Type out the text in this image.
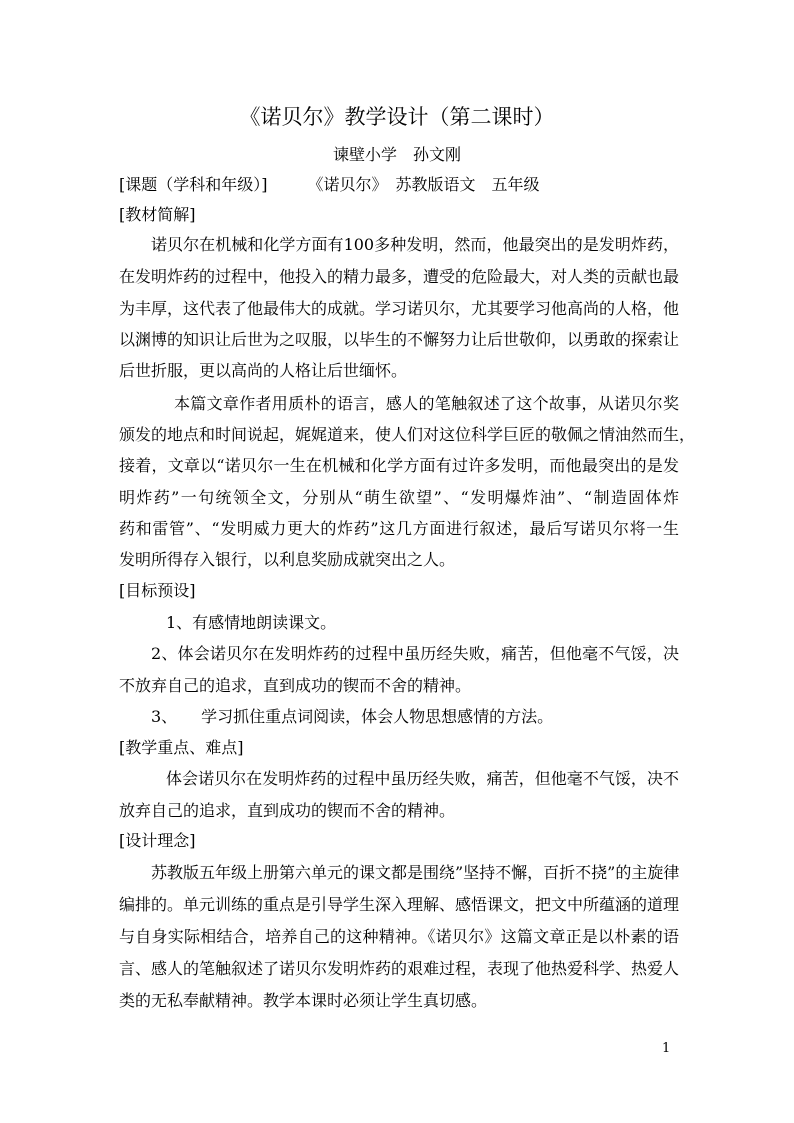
《诺贝尔》教学设计（第二课时）
谏壁小学　孙文刚
[课题（学科和年级）]　　　《诺贝尔》　苏教版语文　五年级
[教材简解]
诺贝尔在机械和化学方面有100多种发明，然而，他最突出的是发明炸药，
在发明炸药的过程中，他投入的精力最多，遭受的危险最大，对人类的贡献也最
为丰厚，这代表了他最伟大的成就。学习诺贝尔，尤其要学习他高尚的人格，他
以渊博的知识让后世为之叹服，以毕生的不懈努力让后世敬仰，以勇敢的探索让
后世折服，更以高尚的人格让后世缅怀。
本篇文章作者用质朴的语言，感人的笔触叙述了这个故事，从诺贝尔奖
颁发的地点和时间说起，娓娓道来，使人们对这位科学巨匠的敬佩之情油然而生，
接着，文章以“诺贝尔一生在机械和化学方面有过许多发明，而他最突出的是发
明炸药”一句统领全文，分别从“萌生欲望”、“发明爆炸油”、“制造固体炸
药和雷管”、“发明威力更大的炸药”这几方面进行叙述，最后写诺贝尔将一生
发明所得存入银行，以利息奖励成就突出之人。
[目标预设]
1、有感情地朗读课文。
2、体会诺贝尔在发明炸药的过程中虽历经失败，痛苦，但他毫不气馁，决
不放弃自己的追求，直到成功的锲而不舍的精神。
3、　　学习抓住重点词阅读，体会人物思想感情的方法。
[教学重点、难点]
体会诺贝尔在发明炸药的过程中虽历经失败，痛苦，但他毫不气馁，决不
放弃自己的追求，直到成功的锲而不舍的精神。
[设计理念]
苏教版五年级上册第六单元的课文都是围绕”坚持不懈，百折不挠”的主旋律
编排的。单元训练的重点是引导学生深入理解、感悟课文，把文中所蕴涵的道理
与自身实际相结合，培养自己的这种精神。《诺贝尔》这篇文章正是以朴素的语
言、感人的笔触叙述了诺贝尔发明炸药的艰难过程，表现了他热爱科学、热爱人
类的无私奉献精神。教学本课时必须让学生真切感。
1
